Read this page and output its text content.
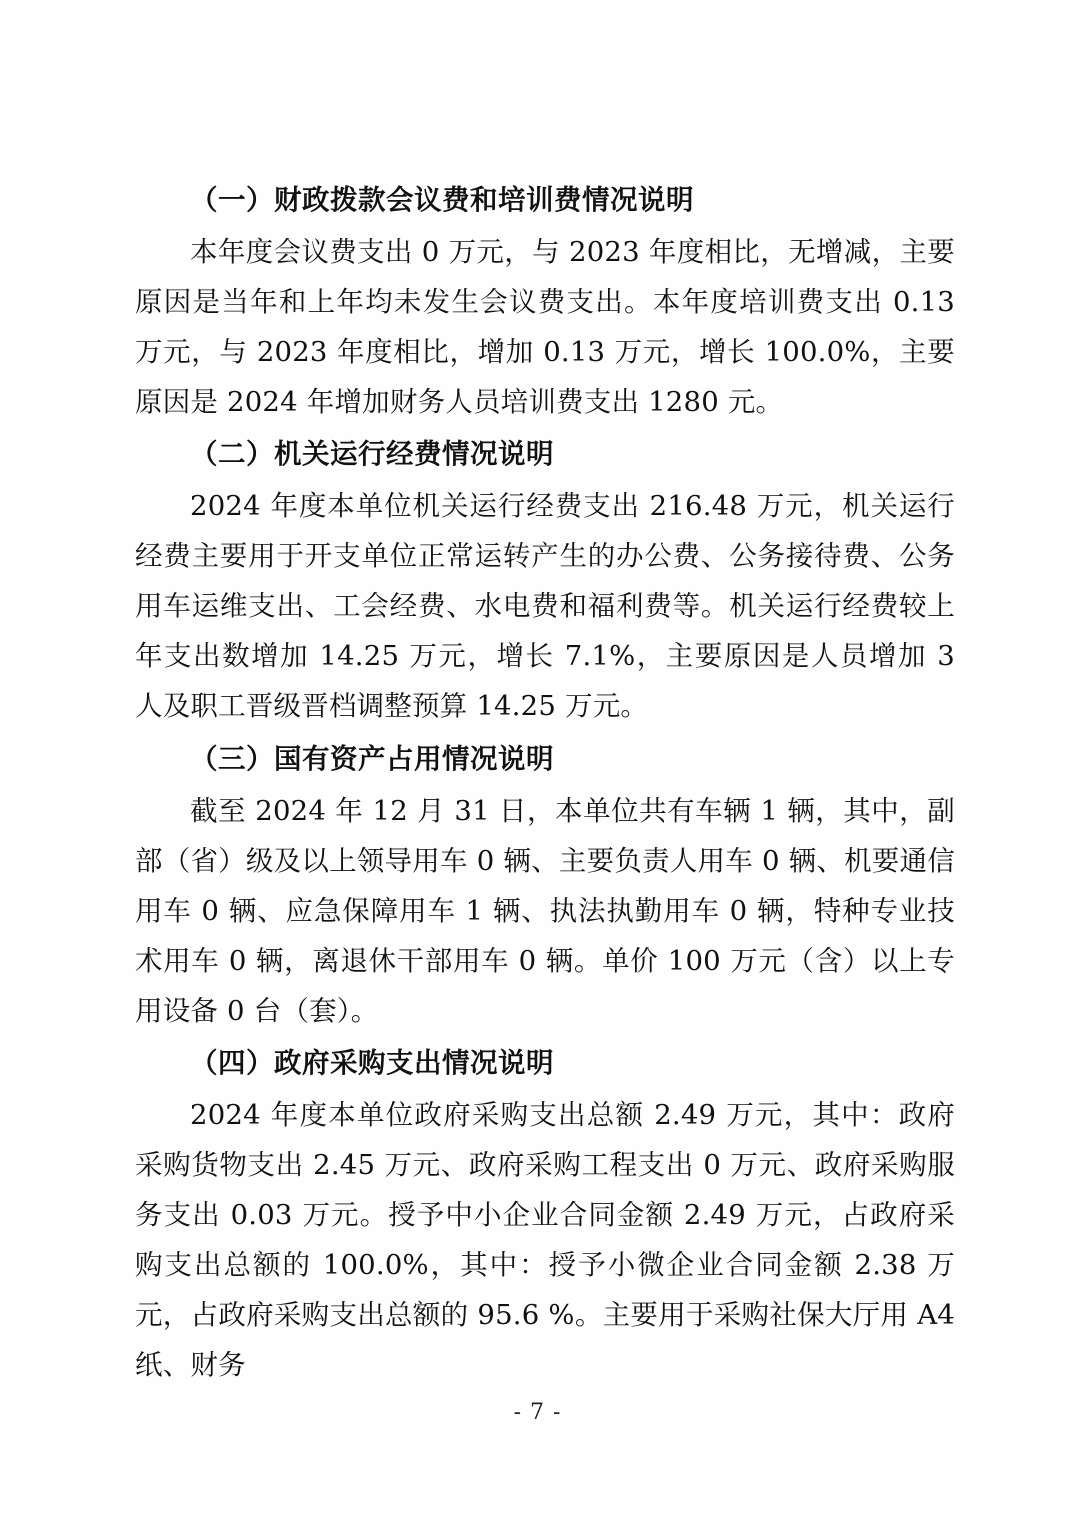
（一）财政拨款会议费和培训费情况说明

本年度会议费支出 0 万元，与 2023 年度相比，无增减，主要原因是当年和上年均未发生会议费支出。本年度培训费支出 0.13 万元，与 2023 年度相比，增加 0.13 万元，增长 100.0%，主要原因是 2024 年增加财务人员培训费支出 1280 元。

（二）机关运行经费情况说明

2024 年度本单位机关运行经费支出 216.48 万元，机关运行经费主要用于开支单位正常运转产生的办公费、公务接待费、公务用车运维支出、工会经费、水电费和福利费等。机关运行经费较上年支出数增加 14.25 万元，增长 7.1%，主要原因是人员增加 3 人及职工晋级晋档调整预算 14.25 万元。

（三）国有资产占用情况说明

截至 2024 年 12 月 31 日，本单位共有车辆 1 辆，其中，副部（省）级及以上领导用车 0 辆、主要负责人用车 0 辆、机要通信用车 0 辆、应急保障用车 1 辆、执法执勤用车 0 辆，特种专业技术用车 0 辆，离退休干部用车 0 辆。单价 100 万元（含）以上专用设备 0 台（套）。

（四）政府采购支出情况说明

2024 年度本单位政府采购支出总额 2.49 万元，其中：政府采购货物支出 2.45 万元、政府采购工程支出 0 万元、政府采购服务支出 0.03 万元。授予中小企业合同金额 2.49 万元，占政府采购支出总额的 100.0%，其中：授予小微企业合同金额 2.38 万元，占政府采购支出总额的 95.6 %。主要用于采购社保大厅用 A4 纸、财务

- 7 -
